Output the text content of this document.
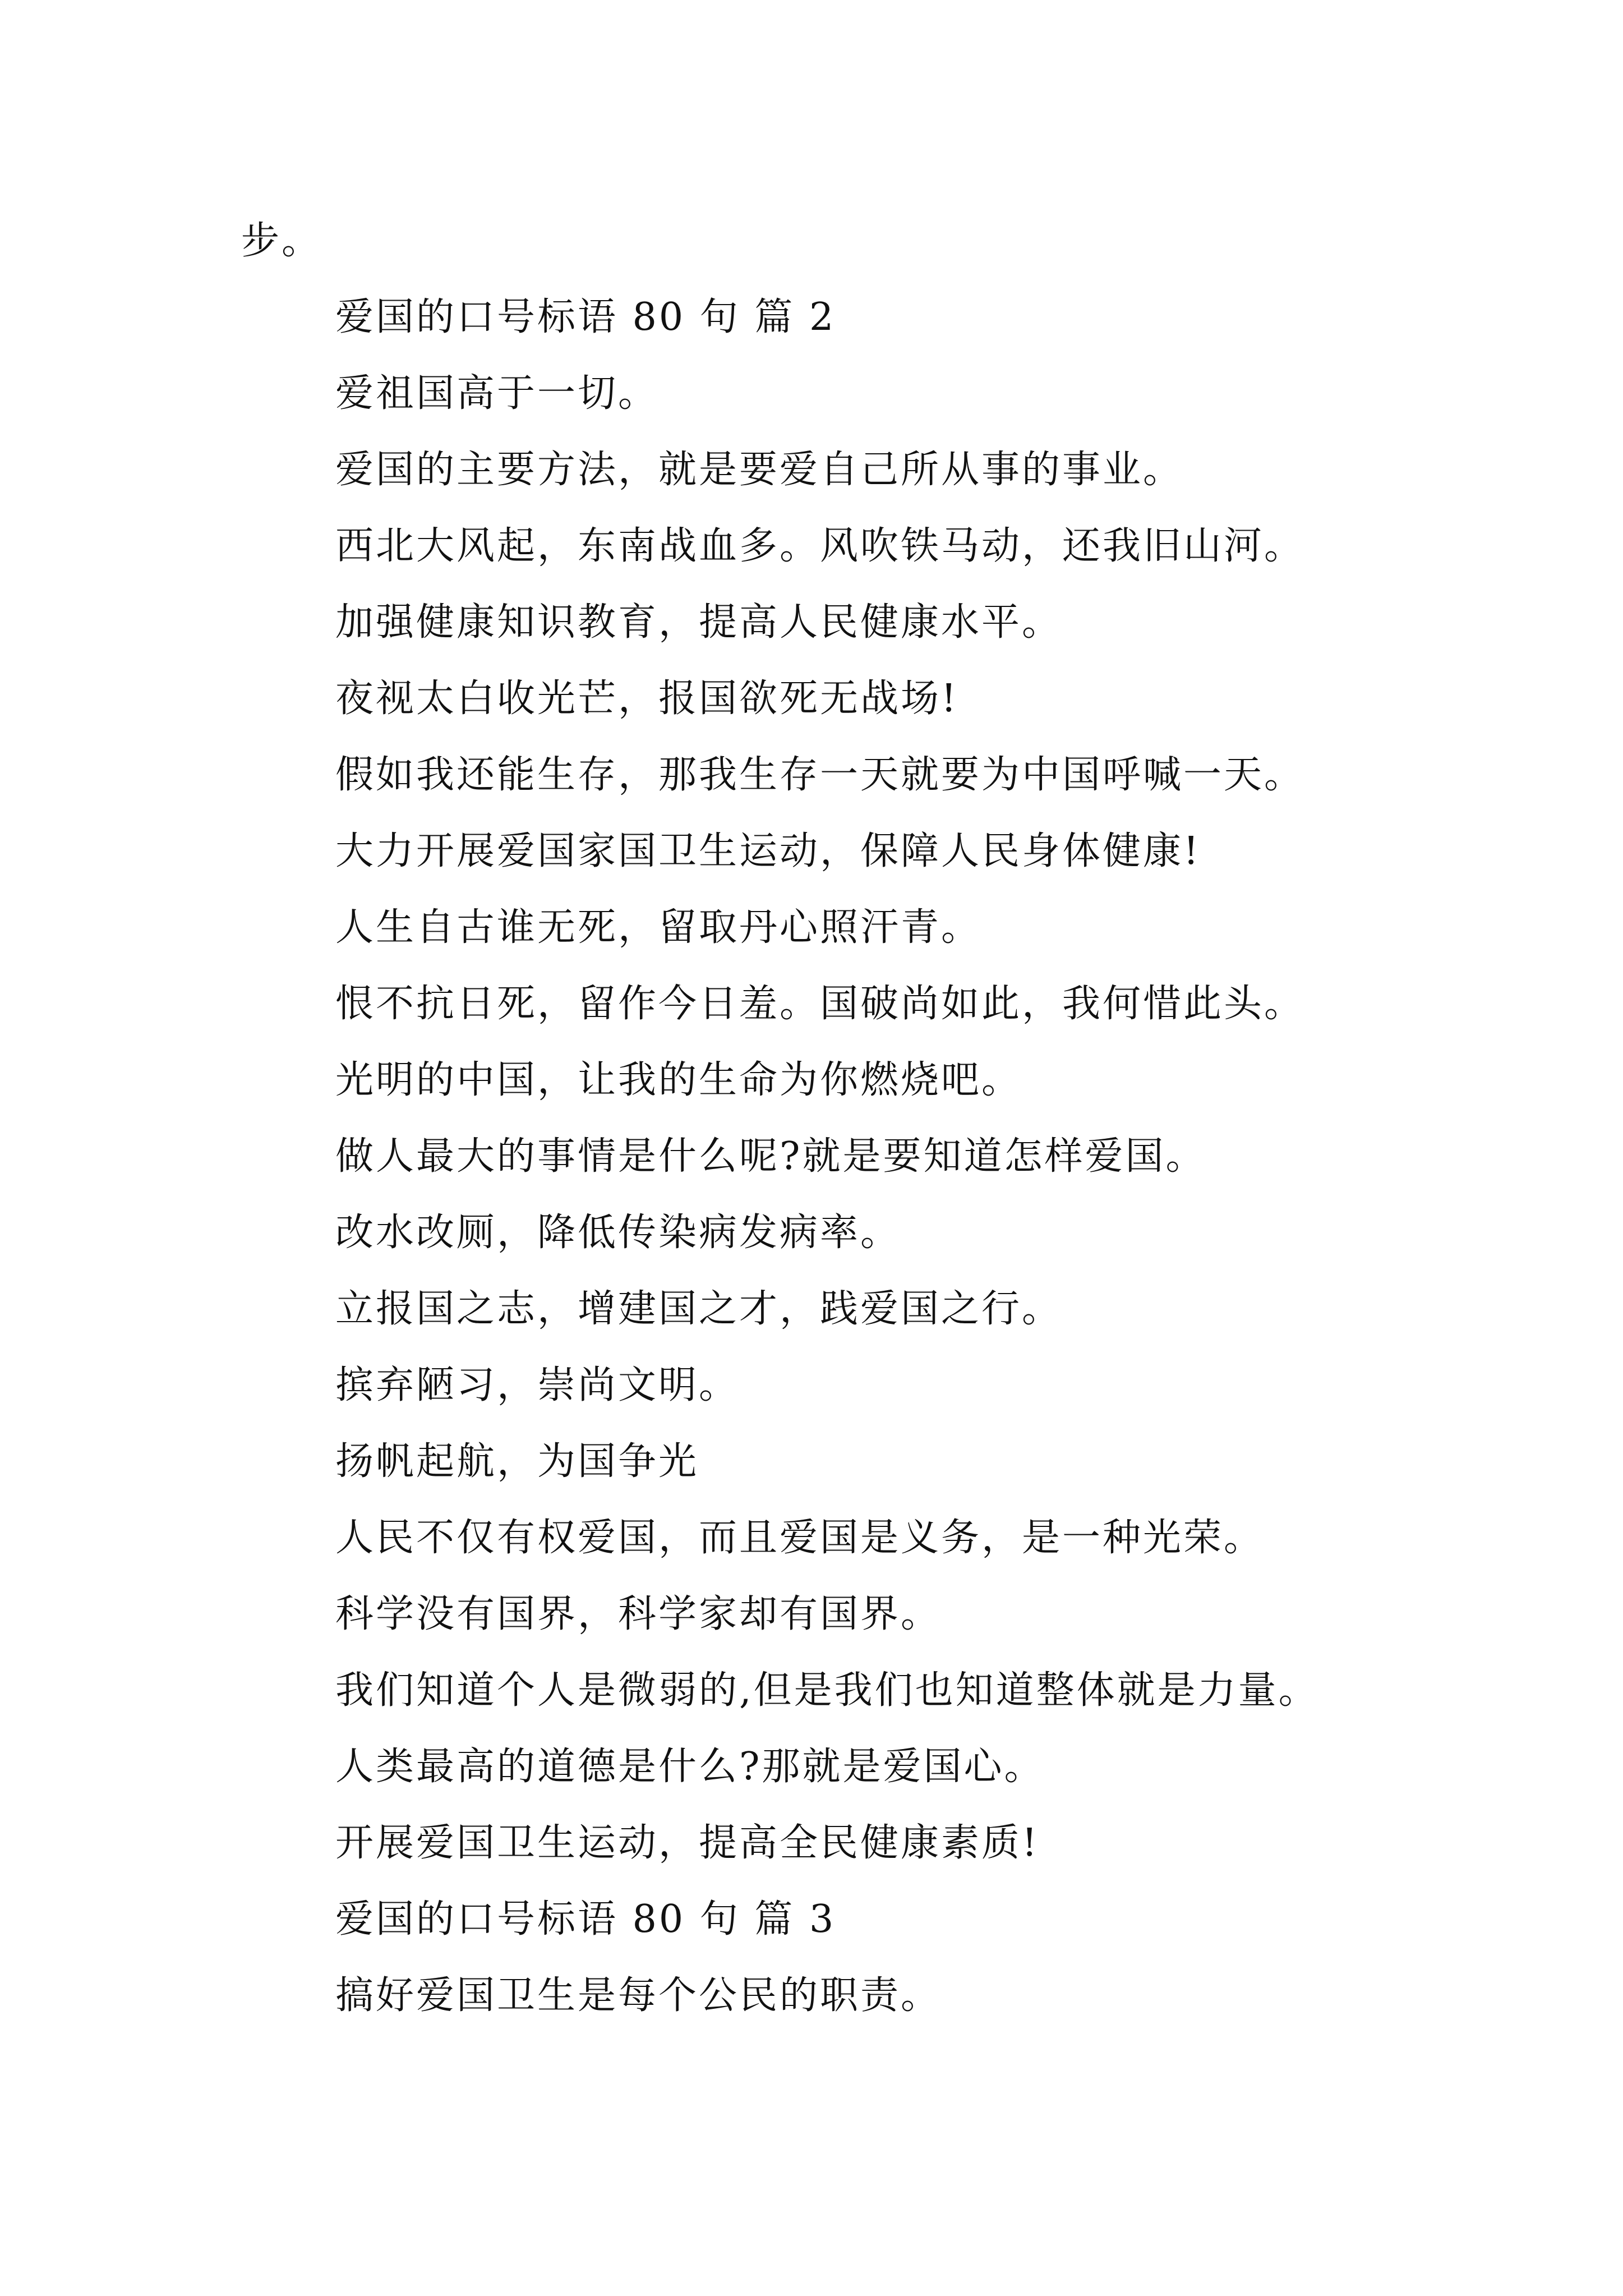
步。
爱国的口号标语 80 句 篇 2
爱祖国高于一切。
爱国的主要方法，就是要爱自己所从事的事业。
西北大风起，东南战血多。风吹铁马动，还我旧山河。
加强健康知识教育，提高人民健康水平。
夜视太白收光芒，报国欲死无战场!
假如我还能生存，那我生存一天就要为中国呼喊一天。
大力开展爱国家国卫生运动，保障人民身体健康!
人生自古谁无死，留取丹心照汗青。
恨不抗日死，留作今日羞。国破尚如此，我何惜此头。
光明的中国，让我的生命为你燃烧吧。
做人最大的事情是什么呢?就是要知道怎样爱国。
改水改厕，降低传染病发病率。
立报国之志，增建国之才，践爱国之行。
摈弃陋习，崇尚文明。
扬帆起航，为国争光
人民不仅有权爱国，而且爱国是义务，是一种光荣。
科学没有国界，科学家却有国界。
我们知道个人是微弱的,但是我们也知道整体就是力量。
人类最高的道德是什么?那就是爱国心。
开展爱国卫生运动，提高全民健康素质!
爱国的口号标语 80 句 篇 3
搞好爱国卫生是每个公民的职责。
